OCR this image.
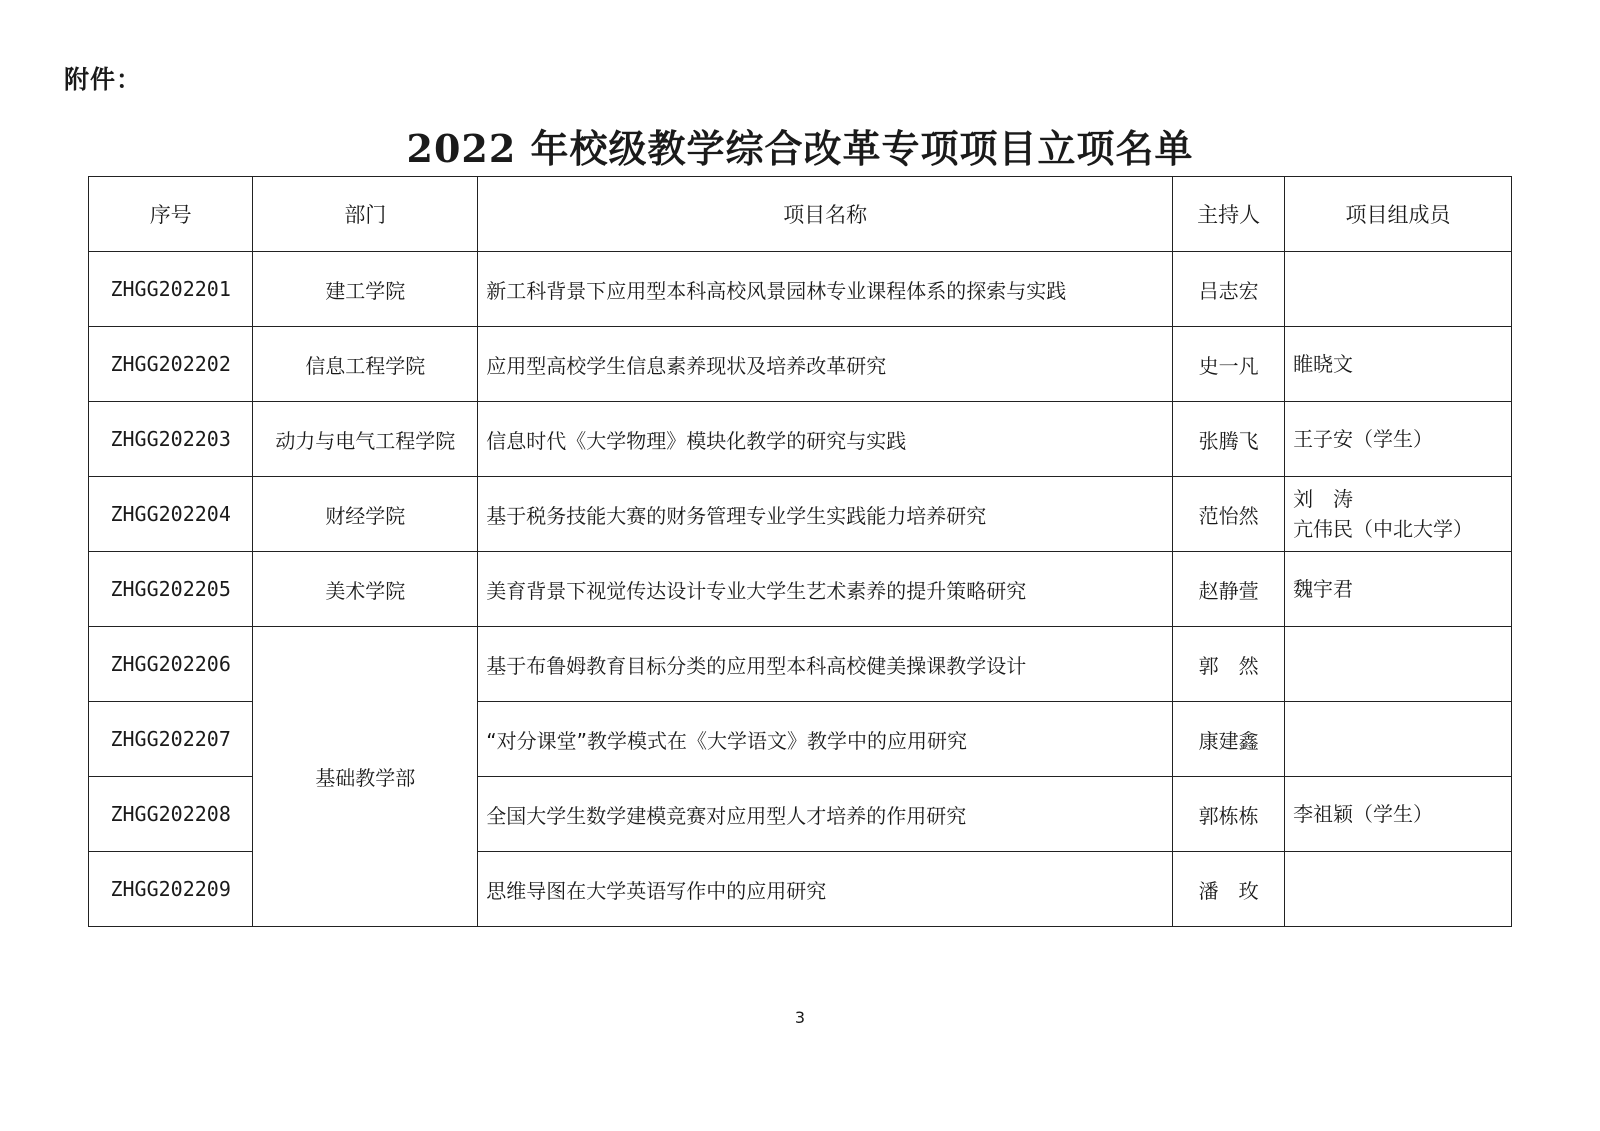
附件：
2022 年校级教学综合改革专项项目立项名单
序号	部门	项目名称	主持人	项目组成员
ZHGG202201	建工学院	新工科背景下应用型本科高校风景园林专业课程体系的探索与实践	吕志宏	
ZHGG202202	信息工程学院	应用型高校学生信息素养现状及培养改革研究	史一凡	睢晓文

ZHGG202203	动力与电气工程学院	信息时代《大学物理》模块化教学的研究与实践	张腾飞	王子安（学生）

ZHGG202204	财经学院	基于税务技能大赛的财务管理专业学生实践能力培养研究	范怡然	刘　涛
亢伟民（中北大学）

ZHGG202205	美术学院	美育背景下视觉传达设计专业大学生艺术素养的提升策略研究	赵静萱	魏宇君

ZHGG202206	基础教学部	基于布鲁姆教育目标分类的应用型本科高校健美操课教学设计	郭　然	
ZHGG202207		“对分课堂”教学模式在《大学语文》教学中的应用研究	康建鑫	
ZHGG202208		全国大学生数学建模竞赛对应用型人才培养的作用研究	郭栋栋	李祖颖（学生）

ZHGG202209		思维导图在大学英语写作中的应用研究	潘　玫	
3
